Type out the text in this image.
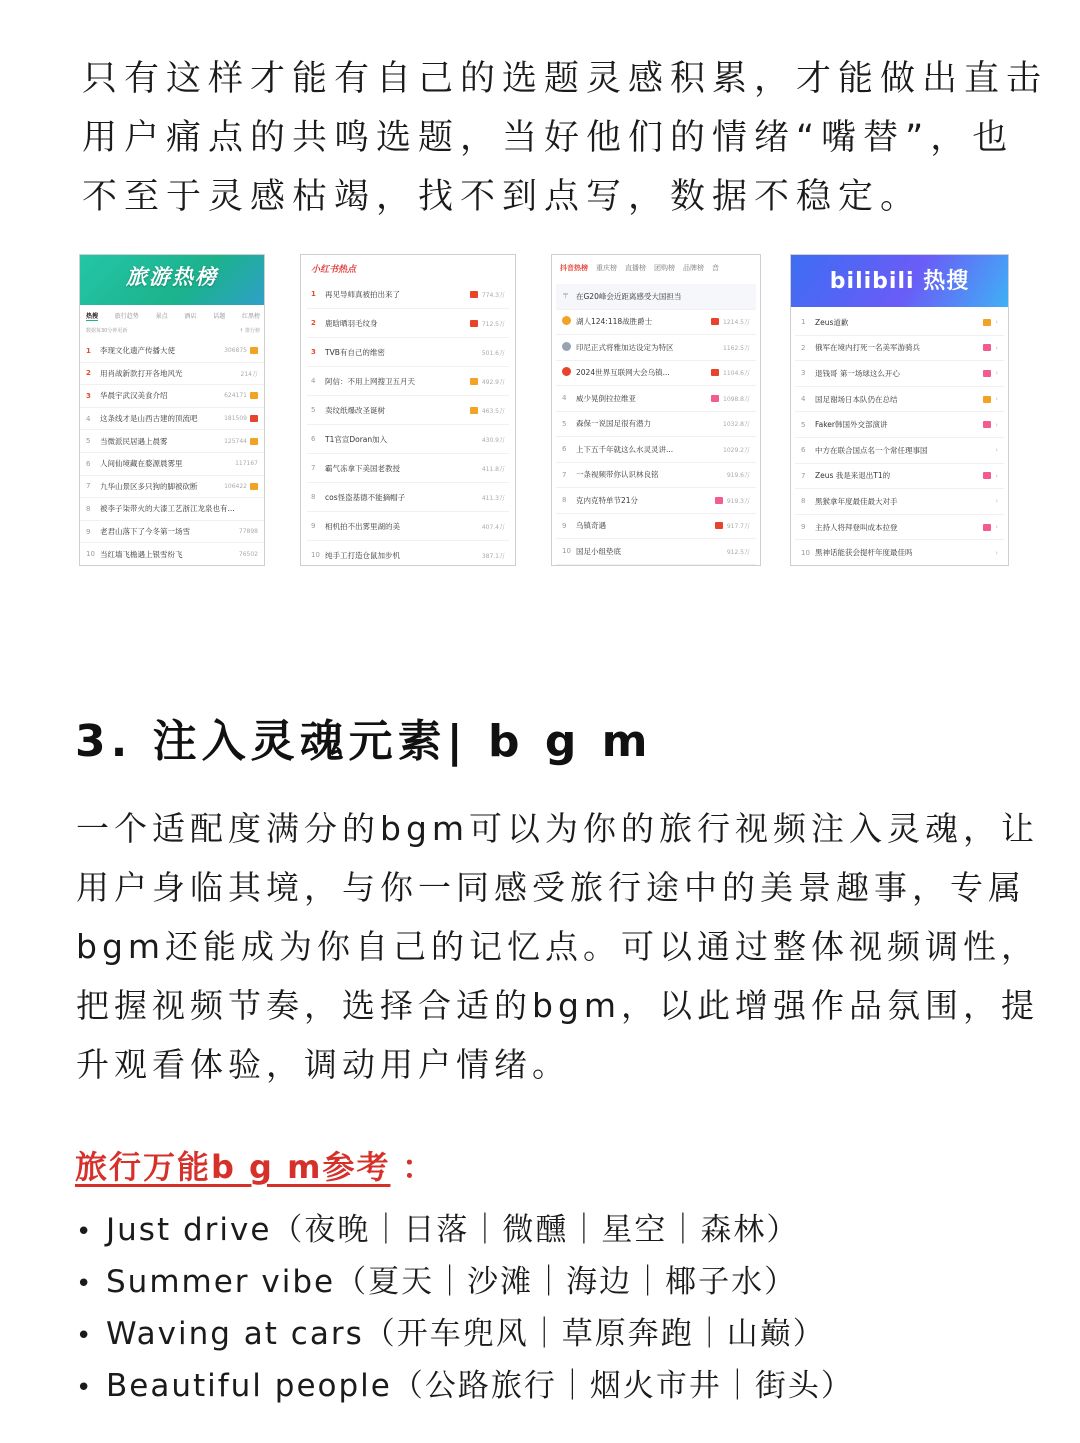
只有这样才能有自己的选题灵感积累，才能做出直击用户痛点的共鸣选题，当好他们的情绪“嘴替”，也不至于灵感枯竭，找不到点写，数据不稳定。

旅游热榜
热搜	旅行趋势	景点	酒店	话题	红黑榜
数据每30分钟更新	↑ 排行榜
1	李现文化遗产传播大使	306875
2	用肖战新款打开各地风光	214万
3	华晨宇武汉美食介绍	624171
4	这条线才是山西古建的顶流吧	181509
5	当微派民居遇上晨雾	125744
6	人间仙境藏在婺源晨雾里	117167
7	九华山景区多只狗的脚被砍断	106422
8	被李子柒带火的大漆工艺浙江龙泉也有...
9	老君山落下了今冬第一场雪	77898
10 当红墙飞檐遇上银雪纷飞	76502
小红书热点
1	再见导师真被拍出来了	774.3万
2	鹿晗晒羽毛纹身	712.5万
3	TVB有自己的维密	501.6万
4	阿信：不用上网搜卫五月天	492.9万
5	卖纹纸爆改圣诞树	463.5万
6	T1官宣Doran加入	430.9万
7	霸气冻拿下美国老教授	411.8万
8	cos怪盗基德不能摘帽子	411.3万
9	相机拍不出雾里湖的美	407.4万
10 纯手工打造仓鼠加步机	387.1万
抖音热榜 重庆榜 直播榜 团购榜 品牌榜 音
〒 在G20峰会近距离感受大国担当
湖人124:118战胜爵士	1214.5万
印尼正式将雅加达设定为特区	1162.5万
2024世界互联网大会乌镇...	1104.6万
4	威少晃倒拉拉维亚	1098.8万
5	森保一说国足很有潜力	1032.8万
6	上下五千年就这么水灵灵讲...	1029.2万
7	一条视频带你认识林良铭	919.6万
8	克内克特单节21分	919.3万
9	乌镇奇遇	917.7万
10 国足小组垫底	912.5万
bilibili 热搜
1	Zeus道歉	›
2	俄军在境内打死一名美军游骑兵	›
3	退钱哥 第一场球这么开心	›
4	国足谢场日本队仍在总结	›
5	Faker韩国外交部演讲	›
6	中方在联合国点名一个常任理事国	›
7	Zeus 我是来退出T1的	›
8	黑猴拿年度最佳最大对手	›
9	主持人将拜登叫成本拉登	›
10 黑神话能获会提杆年度最佳吗	›
3. 注入灵魂元素| b g m

一个适配度满分的bgm可以为你的旅行视频注入灵魂，让用户身临其境，与你一同感受旅行途中的美景趣事，专属bgm还能成为你自己的记忆点。可以通过整体视频调性，把握视频节奏，选择合适的bgm，以此增强作品氛围，提升观看体验，调动用户情绪。

旅行万能b g m参考 ：
• Just drive（夜晚｜日落｜微醺｜星空｜森林）
• Summer vibe（夏天｜沙滩｜海边｜椰子水）
• Waving at cars（开车兜风｜草原奔跑｜山巅）
• Beautiful people（公路旅行｜烟火市井｜街头）
